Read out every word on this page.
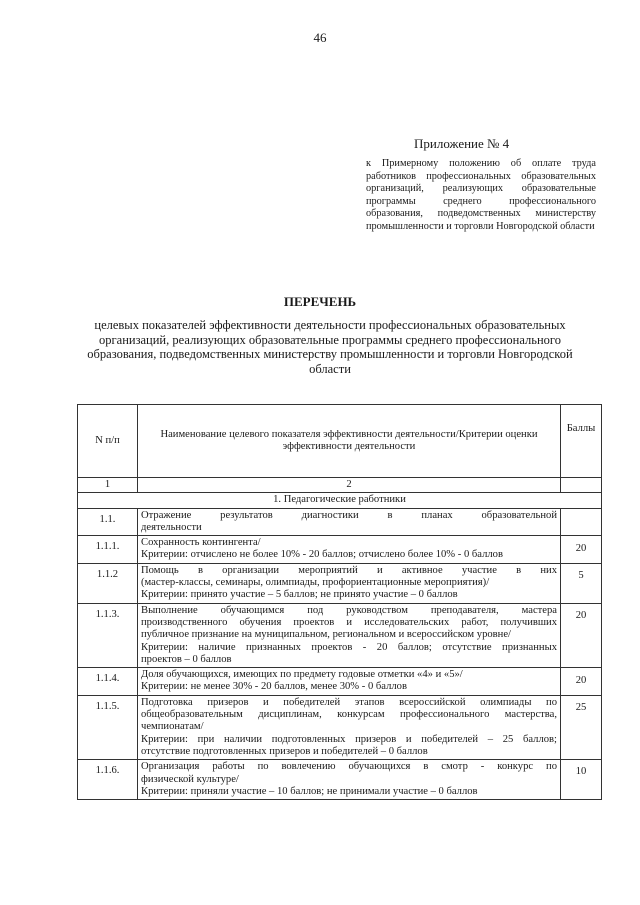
46
Приложение № 4
к Примерному положению об оплате труда работников профессиональных образовательных организаций, реализующих образовательные программы среднего профессионального образования, подведомственных министерству промышленности и торговли Новгородской области
ПЕРЕЧЕНЬ
целевых показателей эффективности деятельности профессиональных образовательных организаций, реализующих образовательные программы среднего профессионального образования, подведомственных министерству промышленности и торговли Новгородской области
N п/п	Наименование целевого показателя эффективности деятельности/Критерии оценки эффективности деятельности	Баллы
1	2	
1. Педагогические работники		
1.1.	Отражение результатов диагностики в планах образовательной
деятельности	

1.1.1.	Сохранность контингента/
Критерии: отчислено не более 10% - 20 баллов; отчислено более 10% - 0 баллов	20
1.1.2	Помощь в организации мероприятий и активное участие в них
(мастер-классы, семинары, олимпиады, профориентационные мероприятия)/
Критерии: принято участие – 5 баллов; не принято участие – 0 баллов	5
1.1.3.	Выполнение обучающимся под руководством преподавателя, мастера
производственного обучения проектов и исследовательских работ, получивших
публичное признание на муниципальном, региональном и всероссийском уровне/
Критерии: наличие признанных проектов - 20 баллов; отсутствие признанных
проектов – 0 баллов	20
1.1.4.	Доля обучающихся, имеющих по предмету годовые отметки «4» и «5»/
Критерии: не менее 30% - 20 баллов, менее 30% - 0 баллов	20
1.1.5.	Подготовка призеров и победителей этапов всероссийской олимпиады по
общеобразовательным дисциплинам, конкурсам профессионального мастерства,
чемпионатам/
Критерии: при наличии подготовленных призеров и победителей – 25 баллов;
отсутствие подготовленных призеров и победителей – 0 баллов	25
1.1.6.	Организация работы по вовлечению обучающихся в смотр - конкурс по
физической культуре/
Критерии: приняли участие – 10 баллов; не принимали участие – 0 баллов	10
